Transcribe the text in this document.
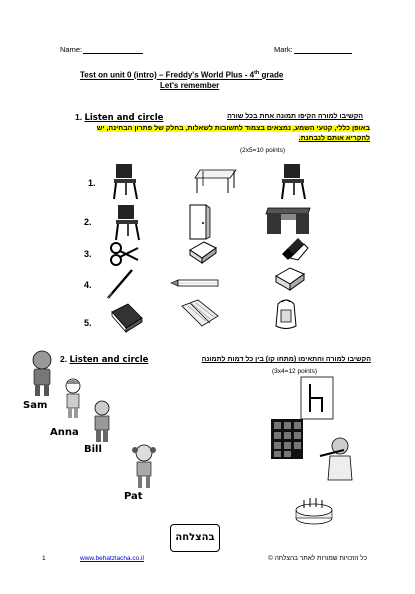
Name:	Mark:
Test on unit 0 (intro) – Freddy's World Plus - 4th grade
Let's remember
1. Listen and circle	הקשיבו למורה הקיפו תמונה אחת בכל שורה
באופן כללי, קטעי השמע, נמצאים בצמוד לתשובות לשאלות, בחלק של פתרון הבחינה, יש
להקריא אותם לנבחנת.
(2x5=10 points)
1.
2.
3.
4.
5.
2. Listen and circle	הקשיבו למורה והתאימו (מתחו קו) בין כל דמות לתמונה
(3x4=12 points)
Sam
Anna
Bill
Pat
בהצלחה
1	www.behatzlacha.co.il	כל הזכויות שמורות לאתר בהצלחה ©
